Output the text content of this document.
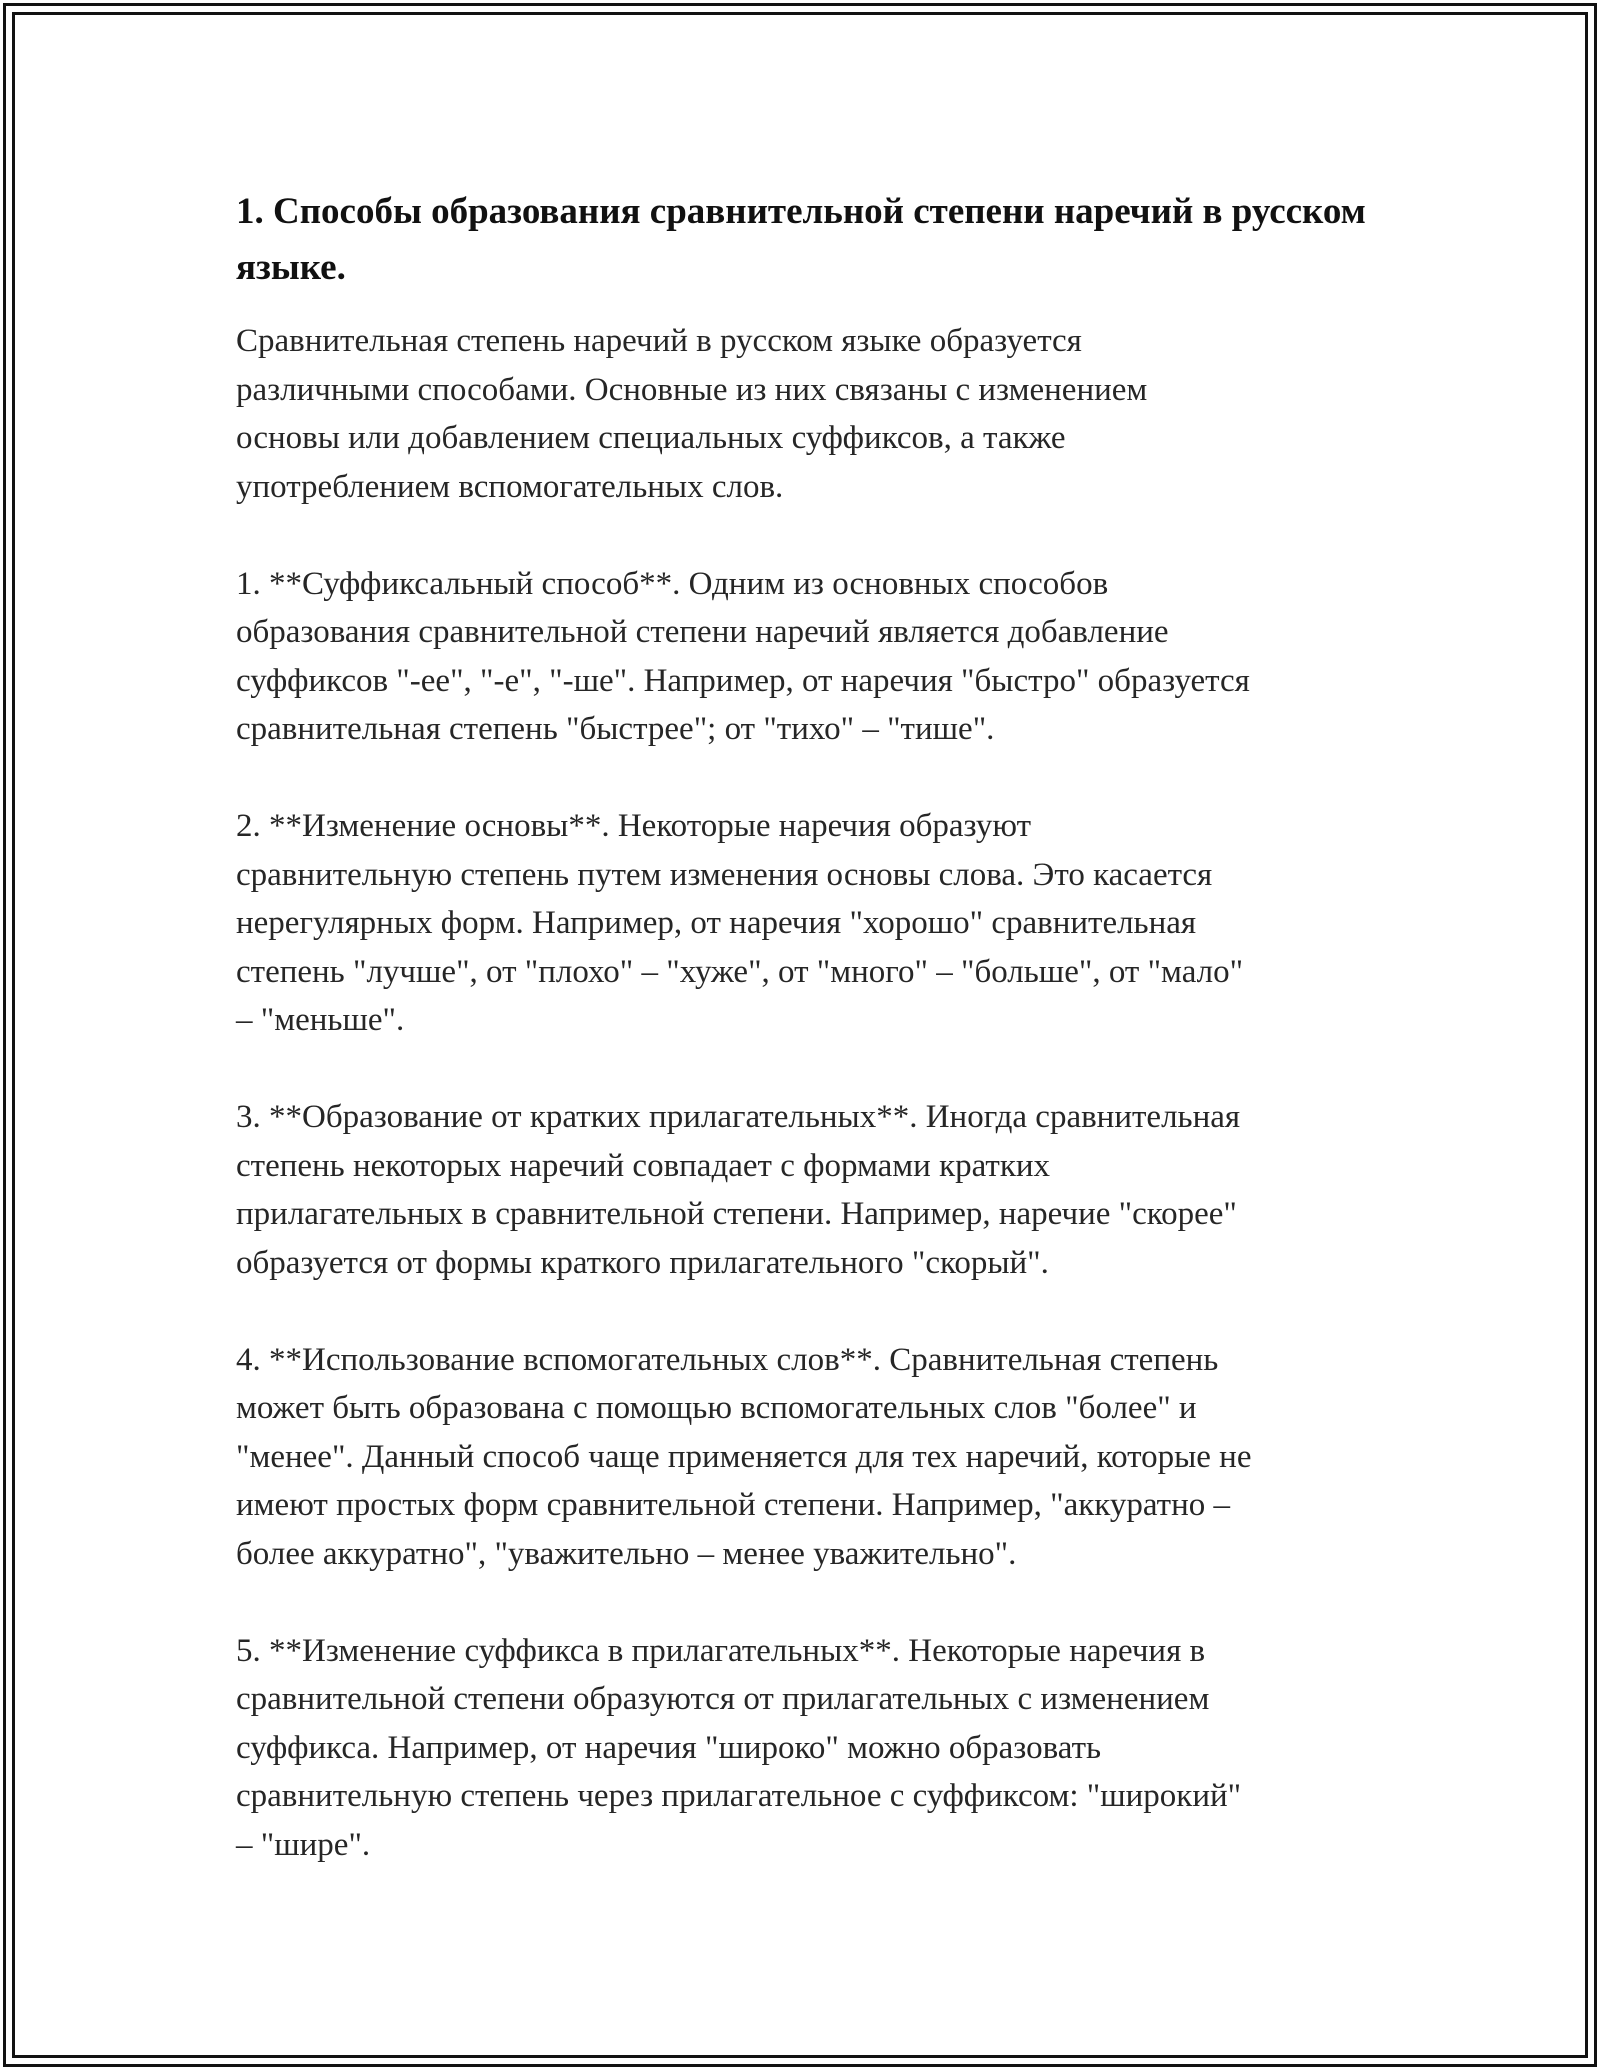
1. Способы образования сравнительной степени наречий в русском языке.

Сравнительная степень наречий в русском языке образуется
различными способами. Основные из них связаны с изменением
основы или добавлением специальных суффиксов, а также
употреблением вспомогательных слов.

1. **Суффиксальный способ**. Одним из основных способов
образования сравнительной степени наречий является добавление
суффиксов "-ее", "-е", "-ше". Например, от наречия "быстро" образуется
сравнительная степень "быстрее"; от "тихо" – "тише".

2. **Изменение основы**. Некоторые наречия образуют
сравнительную степень путем изменения основы слова. Это касается
нерегулярных форм. Например, от наречия "хорошо" сравнительная
степень "лучше", от "плохо" – "хуже", от "много" – "больше", от "мало"
– "меньше".

3. **Образование от кратких прилагательных**. Иногда сравнительная
степень некоторых наречий совпадает с формами кратких
прилагательных в сравнительной степени. Например, наречие "скорее"
образуется от формы краткого прилагательного "скорый".

4. **Использование вспомогательных слов**. Сравнительная степень
может быть образована с помощью вспомогательных слов "более" и
"менее". Данный способ чаще применяется для тех наречий, которые не
имеют простых форм сравнительной степени. Например, "аккуратно –
более аккуратно", "уважительно – менее уважительно".

5. **Изменение суффикса в прилагательных**. Некоторые наречия в
сравнительной степени образуются от прилагательных с изменением
суффикса. Например, от наречия "широко" можно образовать
сравнительную степень через прилагательное с суффиксом: "широкий"
– "шире".
